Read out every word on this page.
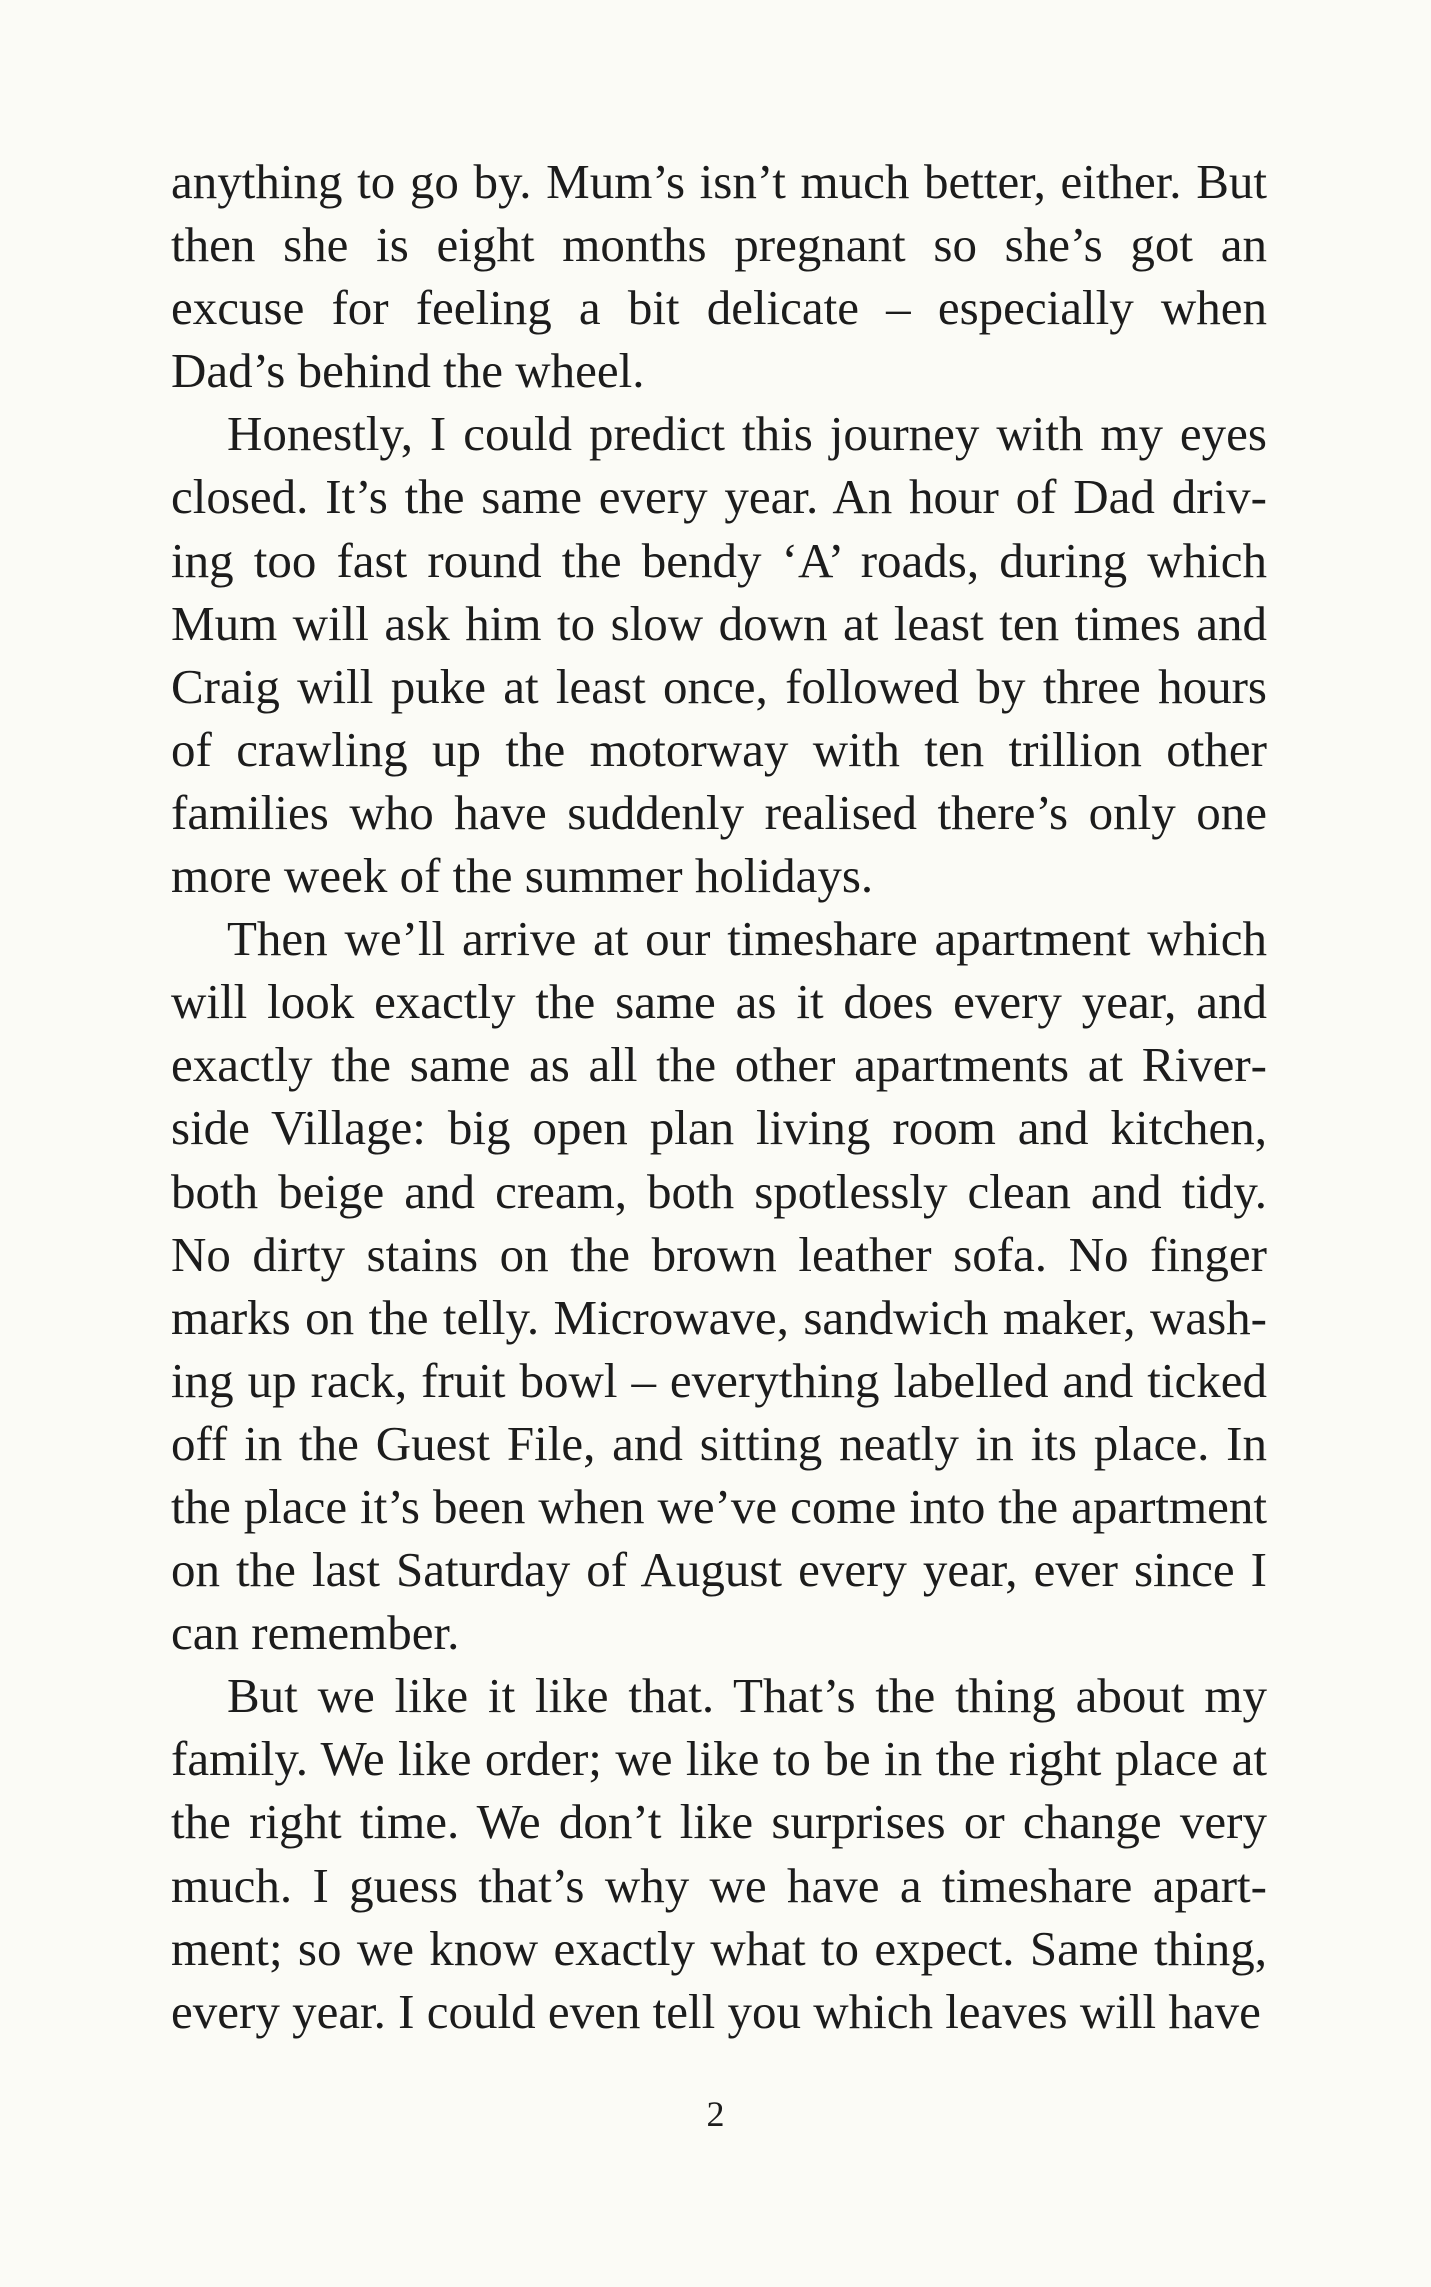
anything to go by. Mum’s isn’t much better, either. But then she is eight months pregnant so she’s got an excuse for feeling a bit delicate – especially when Dad’s behind the wheel.

Honestly, I could predict this journey with my eyes closed. It’s the same every year. An hour of Dad driving too fast round the bendy ‘A’ roads, during which Mum will ask him to slow down at least ten times and Craig will puke at least once, followed by three hours of crawling up the motorway with ten trillion other families who have suddenly realised there’s only one more week of the summer holidays.

Then we’ll arrive at our timeshare apartment which will look exactly the same as it does every year, and exactly the same as all the other apartments at Riverside Village: big open plan living room and kitchen, both beige and cream, both spotlessly clean and tidy. No dirty stains on the brown leather sofa. No finger marks on the telly. Microwave, sandwich maker, washing up rack, fruit bowl – everything labelled and ticked off in the Guest File, and sitting neatly in its place. In the place it’s been when we’ve come into the apartment on the last Saturday of August every year, ever since I can remember.

But we like it like that. That’s the thing about my family. We like order; we like to be in the right place at the right time. We don’t like surprises or change very much. I guess that’s why we have a timeshare apartment; so we know exactly what to expect. Same thing, every year. I could even tell you which leaves will have

2
